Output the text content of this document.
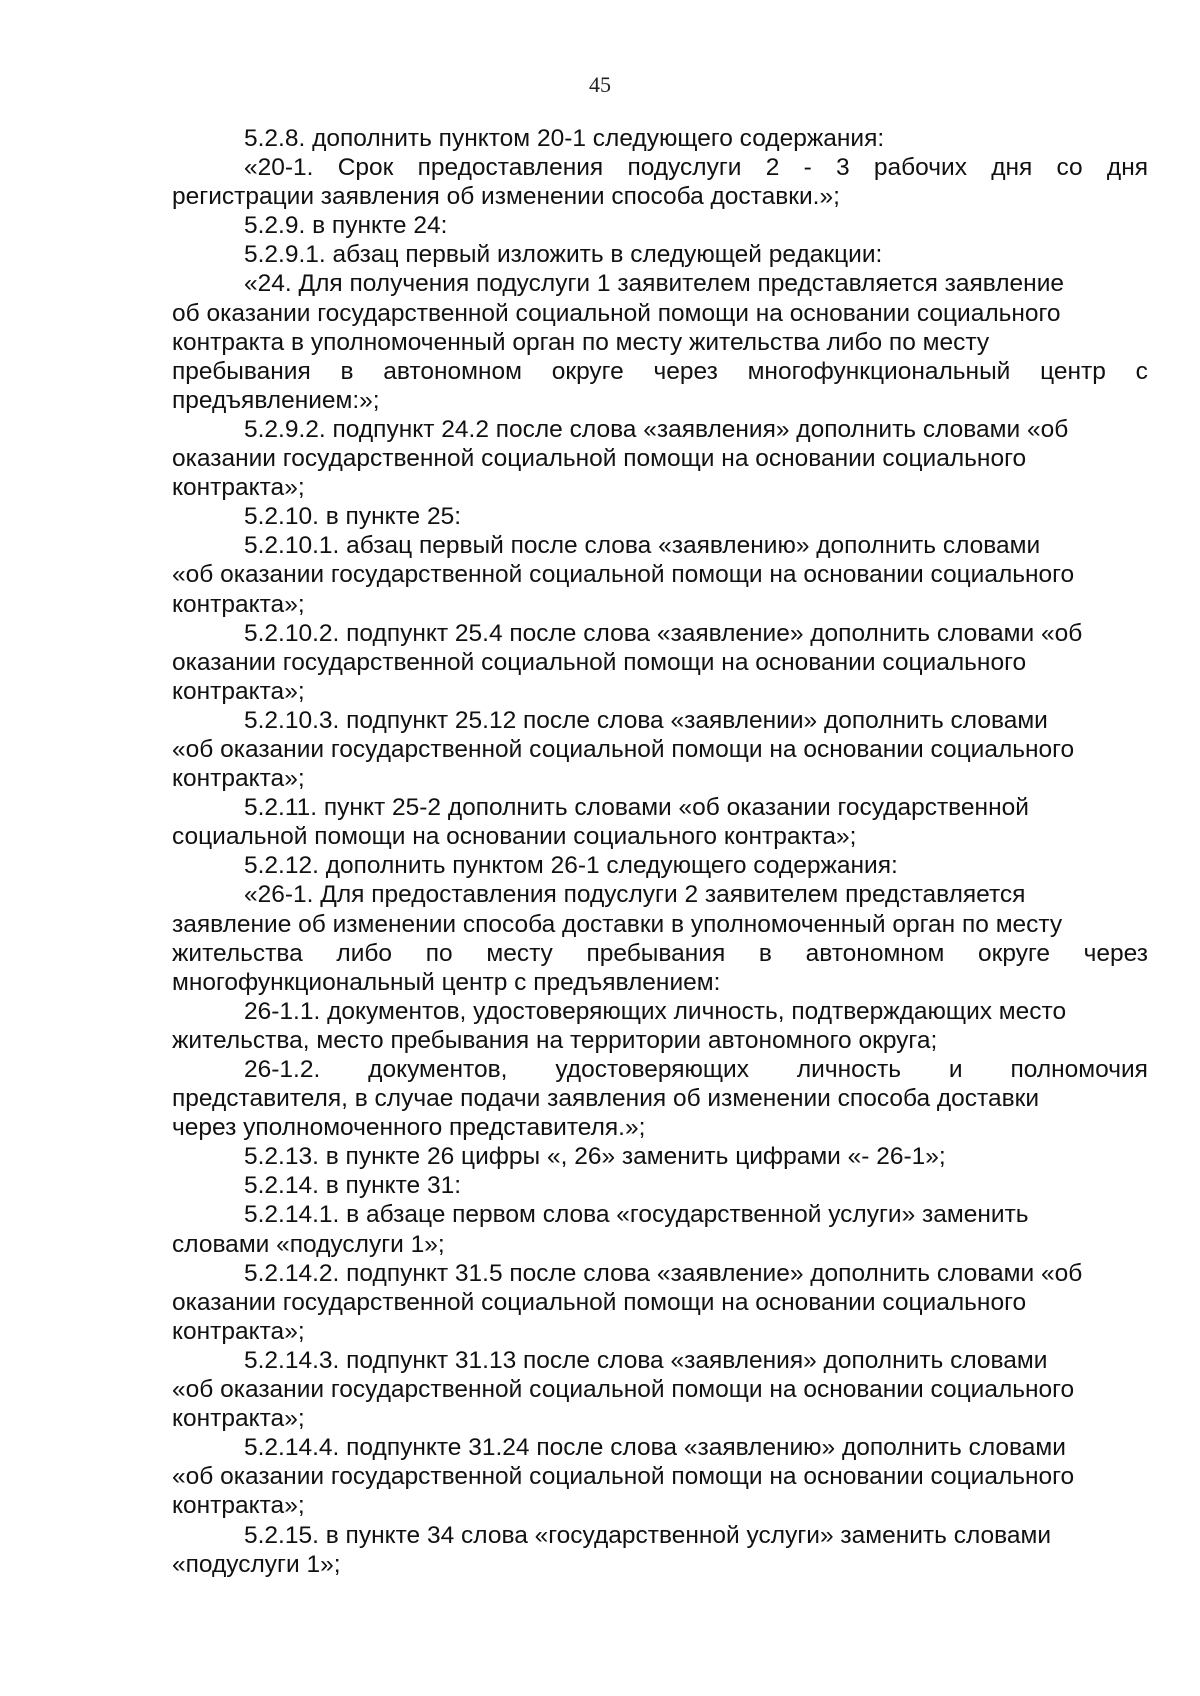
45
5.2.8. дополнить пунктом 20-1 следующего содержания:
«20-1. Срок предоставления подуслуги 2 - 3 рабочих дня со дня
регистрации заявления об изменении способа доставки.»;
5.2.9. в пункте 24:
5.2.9.1. абзац первый изложить в следующей редакции:
«24. Для получения подуслуги 1 заявителем представляется заявление
об оказании государственной социальной помощи на основании социального
контракта в уполномоченный орган по месту жительства либо по месту
пребывания в автономном округе через многофункциональный центр с
предъявлением:»;
5.2.9.2. подпункт 24.2 после слова «заявления» дополнить словами «об
оказании государственной социальной помощи на основании социального
контракта»;
5.2.10. в пункте 25:
5.2.10.1. абзац первый после слова «заявлению» дополнить словами
«об оказании государственной социальной помощи на основании социального
контракта»;
5.2.10.2. подпункт 25.4 после слова «заявление» дополнить словами «об
оказании государственной социальной помощи на основании социального
контракта»;
5.2.10.3. подпункт 25.12 после слова «заявлении» дополнить словами
«об оказании государственной социальной помощи на основании социального
контракта»;
5.2.11. пункт 25-2 дополнить словами «об оказании государственной
социальной помощи на основании социального контракта»;
5.2.12. дополнить пунктом 26-1 следующего содержания:
«26-1. Для предоставления подуслуги 2 заявителем представляется
заявление об изменении способа доставки в уполномоченный орган по месту
жительства либо по месту пребывания в автономном округе через
многофункциональный центр с предъявлением:
26-1.1. документов, удостоверяющих личность, подтверждающих место
жительства, место пребывания на территории автономного округа;
26-1.2. документов, удостоверяющих личность и полномочия
представителя, в случае подачи заявления об изменении способа доставки
через уполномоченного представителя.»;
5.2.13. в пункте 26 цифры «, 26» заменить цифрами «- 26-1»;
5.2.14. в пункте 31:
5.2.14.1. в абзаце первом слова «государственной услуги» заменить
словами «подуслуги 1»;
5.2.14.2. подпункт 31.5 после слова «заявление» дополнить словами «об
оказании государственной социальной помощи на основании социального
контракта»;
5.2.14.3. подпункт 31.13 после слова «заявления» дополнить словами
«об оказании государственной социальной помощи на основании социального
контракта»;
5.2.14.4. подпункте 31.24 после слова «заявлению» дополнить словами
«об оказании государственной социальной помощи на основании социального
контракта»;
5.2.15. в пункте 34 слова «государственной услуги» заменить словами
«подуслуги 1»;
